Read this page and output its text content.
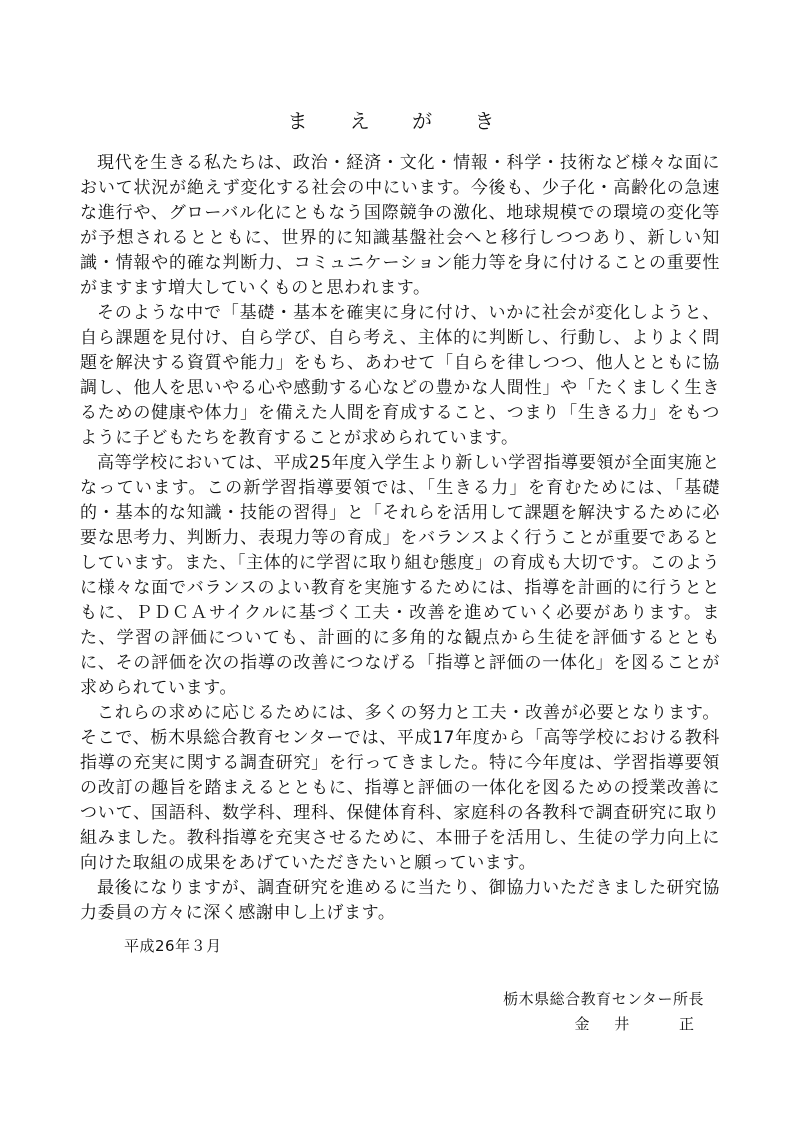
ま え が き

現代を生きる私たちは、政治・経済・文化・情報・科学・技術など様々な面において状況が絶えず変化する社会の中にいます。今後も、少子化・高齢化の急速な進行や、グローバル化にともなう国際競争の激化、地球規模での環境の変化等が予想されるとともに、世界的に知識基盤社会へと移行しつつあり、新しい知識・情報や的確な判断力、コミュニケーション能力等を身に付けることの重要性がますます増大していくものと思われます。

そのような中で「基礎・基本を確実に身に付け、いかに社会が変化しようと、自ら課題を見付け、自ら学び、自ら考え、主体的に判断し、行動し、よりよく問題を解決する資質や能力」をもち、あわせて「自らを律しつつ、他人とともに協調し、他人を思いやる心や感動する心などの豊かな人間性」や「たくましく生きるための健康や体力」を備えた人間を育成すること、つまり「生きる力」をもつように子どもたちを教育することが求められています。

高等学校においては、平成25年度入学生より新しい学習指導要領が全面実施となっています。この新学習指導要領では、「生きる力」を育むためには、「基礎的・基本的な知識・技能の習得」と「それらを活用して課題を解決するために必要な思考力、判断力、表現力等の育成」をバランスよく行うことが重要であるとしています。また、「主体的に学習に取り組む態度」の育成も大切です。このように様々な面でバランスのよい教育を実施するためには、指導を計画的に行うとともに、ＰＤＣＡサイクルに基づく工夫・改善を進めていく必要があります。また、学習の評価についても、計画的に多角的な観点から生徒を評価するとともに、その評価を次の指導の改善につなげる「指導と評価の一体化」を図ることが求められています。

これらの求めに応じるためには、多くの努力と工夫・改善が必要となります。そこで、栃木県総合教育センターでは、平成17年度から「高等学校における教科指導の充実に関する調査研究」を行ってきました。特に今年度は、学習指導要領の改訂の趣旨を踏まえるとともに、指導と評価の一体化を図るための授業改善について、国語科、数学科、理科、保健体育科、家庭科の各教科で調査研究に取り組みました。教科指導を充実させるために、本冊子を活用し、生徒の学力向上に向けた取組の成果をあげていただきたいと願っています。

最後になりますが、調査研究を進めるに当たり、御協力いただきました研究協力委員の方々に深く感謝申し上げます。

平成26年３月
栃木県総合教育センター所長
金 井　 正
